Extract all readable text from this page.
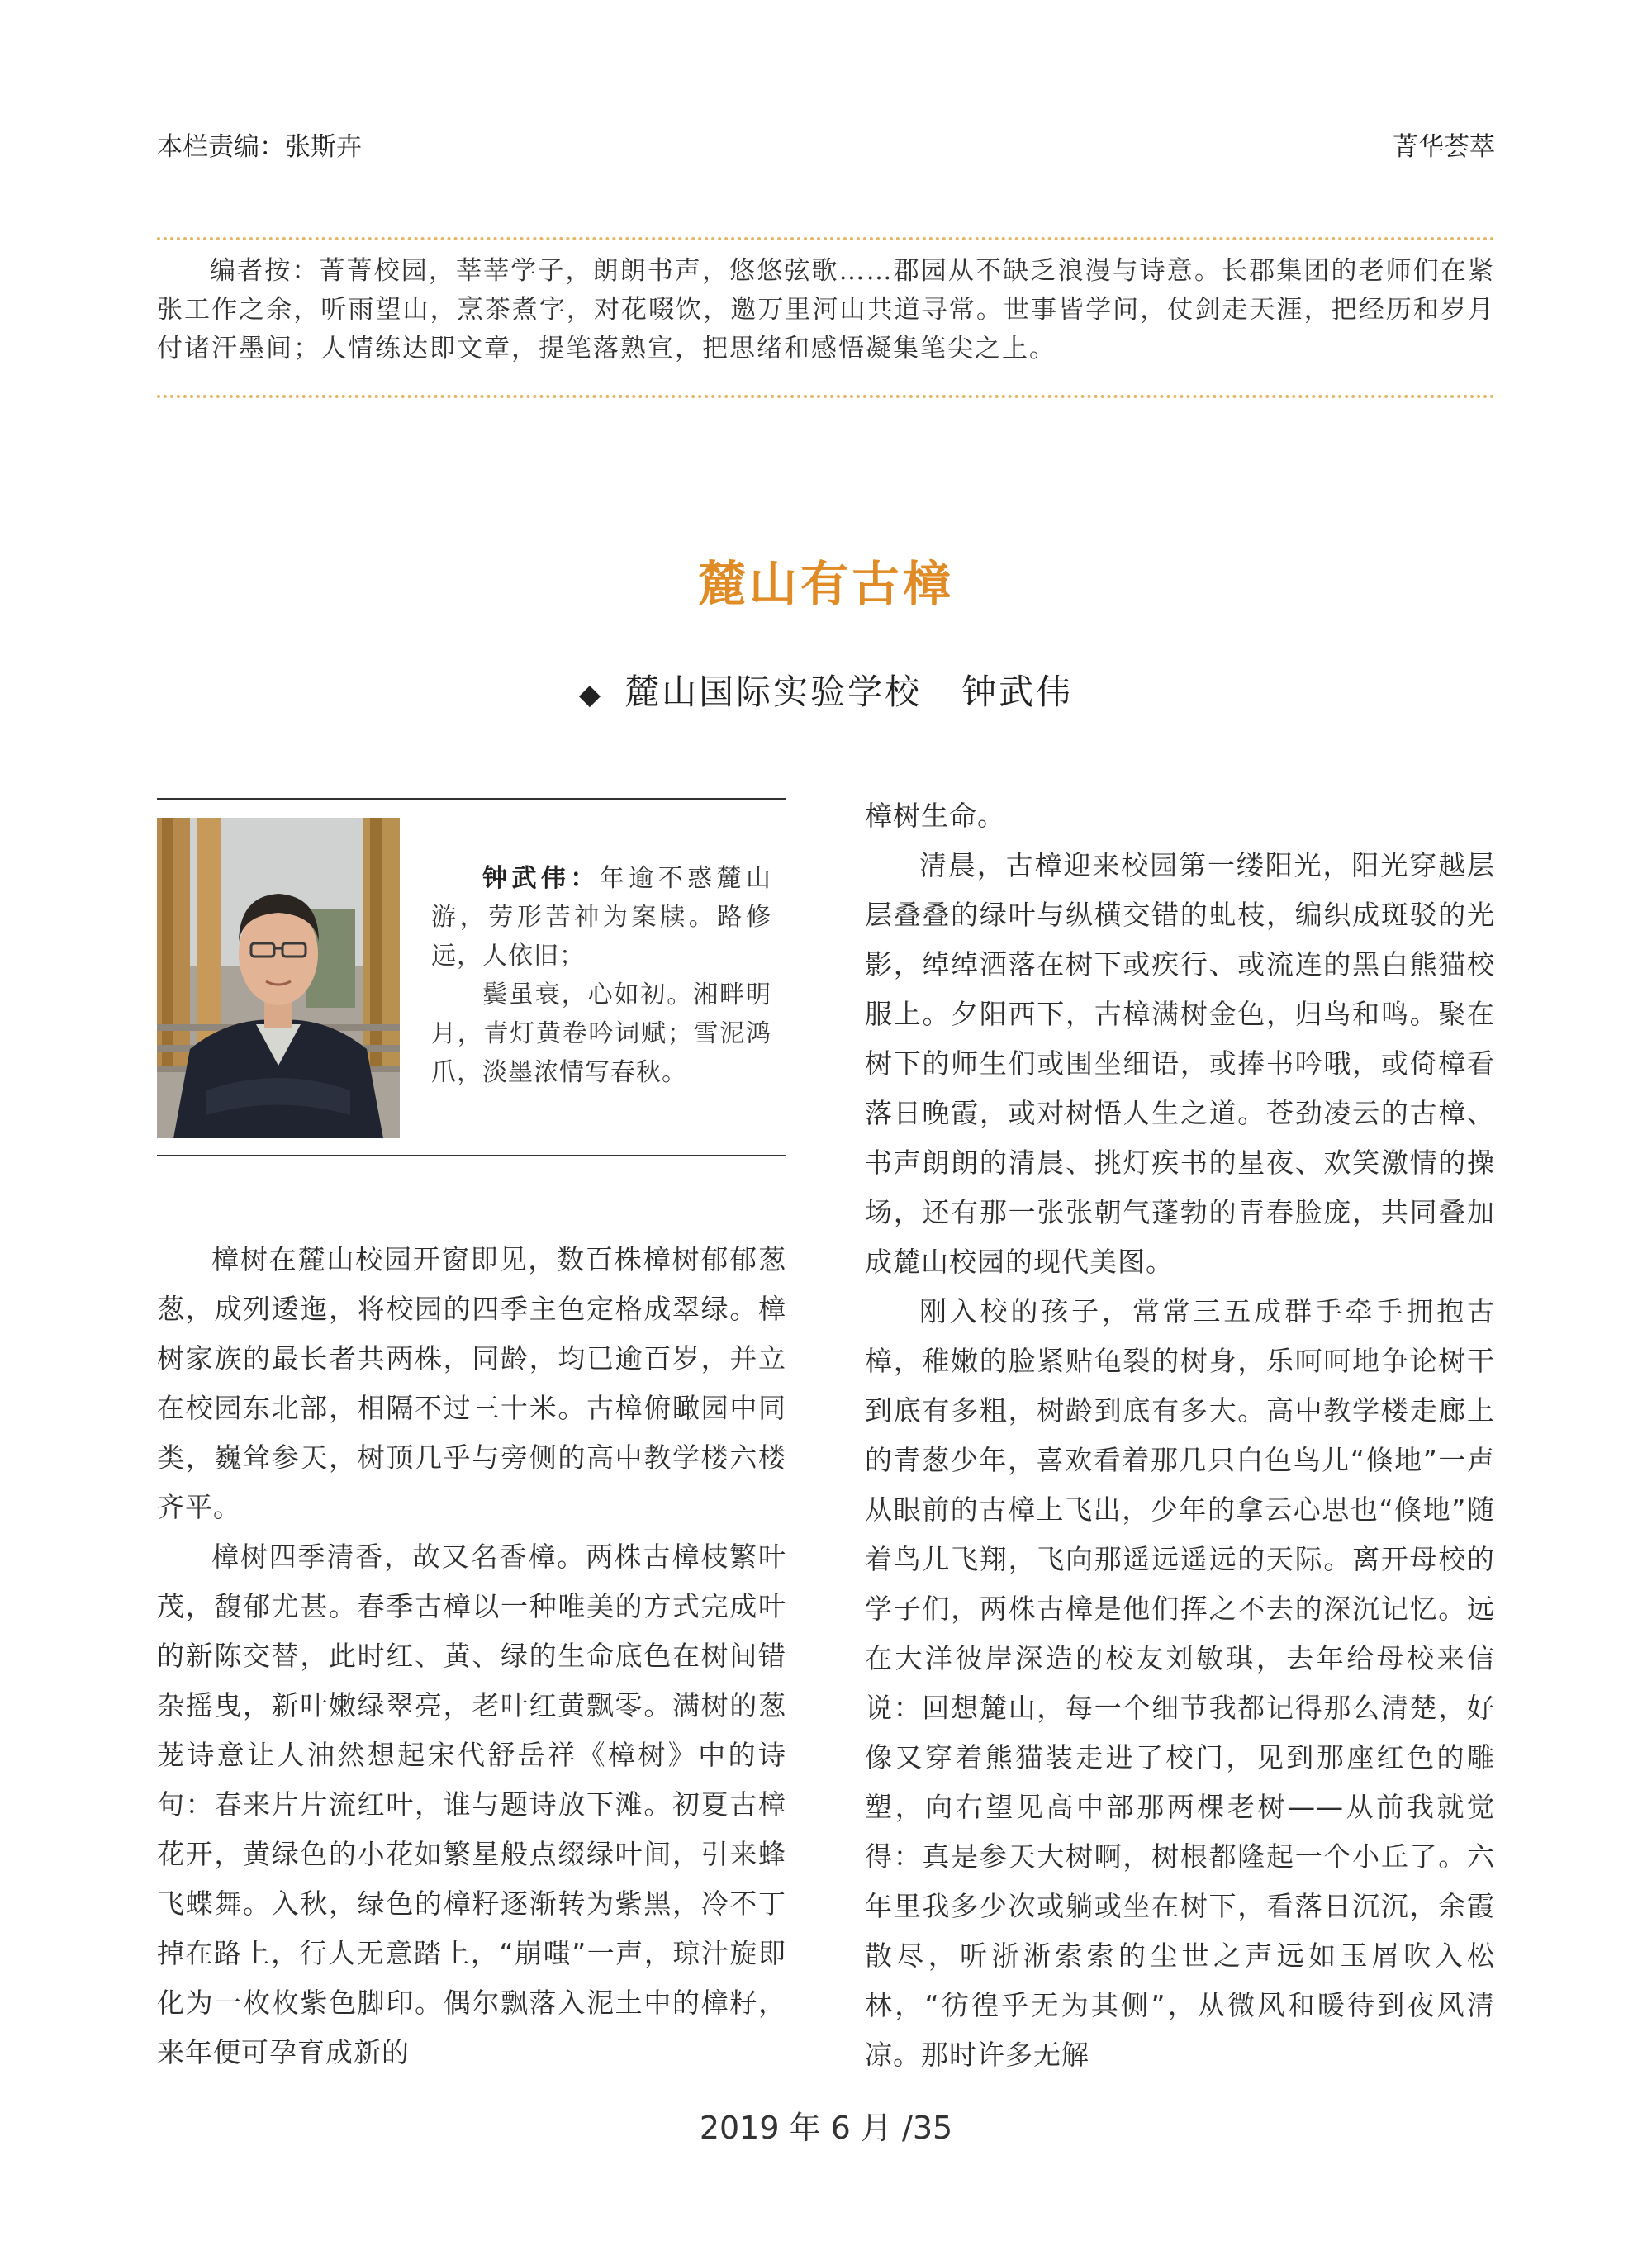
本栏责编：张斯卉	菁华荟萃
编者按：菁菁校园，莘莘学子，朗朗书声，悠悠弦歌……郡园从不缺乏浪漫与诗意。长郡集团的老师们在紧张工作之余，听雨望山，烹茶煮字，对花啜饮，邀万里河山共道寻常。世事皆学问，仗剑走天涯，把经历和岁月付诸汗墨间；人情练达即文章，提笔落熟宣，把思绪和感悟凝集笔尖之上。
麓山有古樟
◆ 麓山国际实验学校 钟武伟

钟武伟：年逾不惑麓山游，劳形苦神为案牍。路修远，人依旧；

鬓虽衰，心如初。湘畔明月，青灯黄卷吟词赋；雪泥鸿爪，淡墨浓情写春秋。

樟树在麓山校园开窗即见，数百株樟树郁郁葱葱，成列逶迤，将校园的四季主色定格成翠绿。樟树家族的最长者共两株，同龄，均已逾百岁，并立在校园东北部，相隔不过三十米。古樟俯瞰园中同类，巍耸参天，树顶几乎与旁侧的高中教学楼六楼齐平。

樟树四季清香，故又名香樟。两株古樟枝繁叶茂，馥郁尤甚。春季古樟以一种唯美的方式完成叶的新陈交替，此时红、黄、绿的生命底色在树间错杂摇曳，新叶嫩绿翠亮，老叶红黄飘零。满树的葱茏诗意让人油然想起宋代舒岳祥《樟树》中的诗句：春来片片流红叶，谁与题诗放下滩。初夏古樟花开，黄绿色的小花如繁星般点缀绿叶间，引来蜂飞蝶舞。入秋，绿色的樟籽逐渐转为紫黑，冷不丁掉在路上，行人无意踏上，“崩嗤”一声，琼汁旋即化为一枚枚紫色脚印。偶尔飘落入泥土中的樟籽，来年便可孕育成新的

樟树生命。

清晨，古樟迎来校园第一缕阳光，阳光穿越层层叠叠的绿叶与纵横交错的虬枝，编织成斑驳的光影，绰绰洒落在树下或疾行、或流连的黑白熊猫校服上。夕阳西下，古樟满树金色，归鸟和鸣。聚在树下的师生们或围坐细语，或捧书吟哦，或倚樟看落日晚霞，或对树悟人生之道。苍劲凌云的古樟、书声朗朗的清晨、挑灯疾书的星夜、欢笑激情的操场，还有那一张张朝气蓬勃的青春脸庞，共同叠加成麓山校园的现代美图。

刚入校的孩子，常常三五成群手牵手拥抱古樟，稚嫩的脸紧贴龟裂的树身，乐呵呵地争论树干到底有多粗，树龄到底有多大。高中教学楼走廊上的青葱少年，喜欢看着那几只白色鸟儿“倏地”一声从眼前的古樟上飞出，少年的拿云心思也“倏地”随着鸟儿飞翔，飞向那遥远遥远的天际。离开母校的学子们，两株古樟是他们挥之不去的深沉记忆。远在大洋彼岸深造的校友刘敏琪，去年给母校来信说：回想麓山，每一个细节我都记得那么清楚，好像又穿着熊猫装走进了校门，见到那座红色的雕塑，向右望见高中部那两棵老树——从前我就觉得：真是参天大树啊，树根都隆起一个小丘了。六年里我多少次或躺或坐在树下，看落日沉沉，余霞散尽，听浙淅索索的尘世之声远如玉屑吹入松林，“彷徨乎无为其侧”，从微风和暖待到夜风清凉。那时许多无解

2019 年 6 月 /35
